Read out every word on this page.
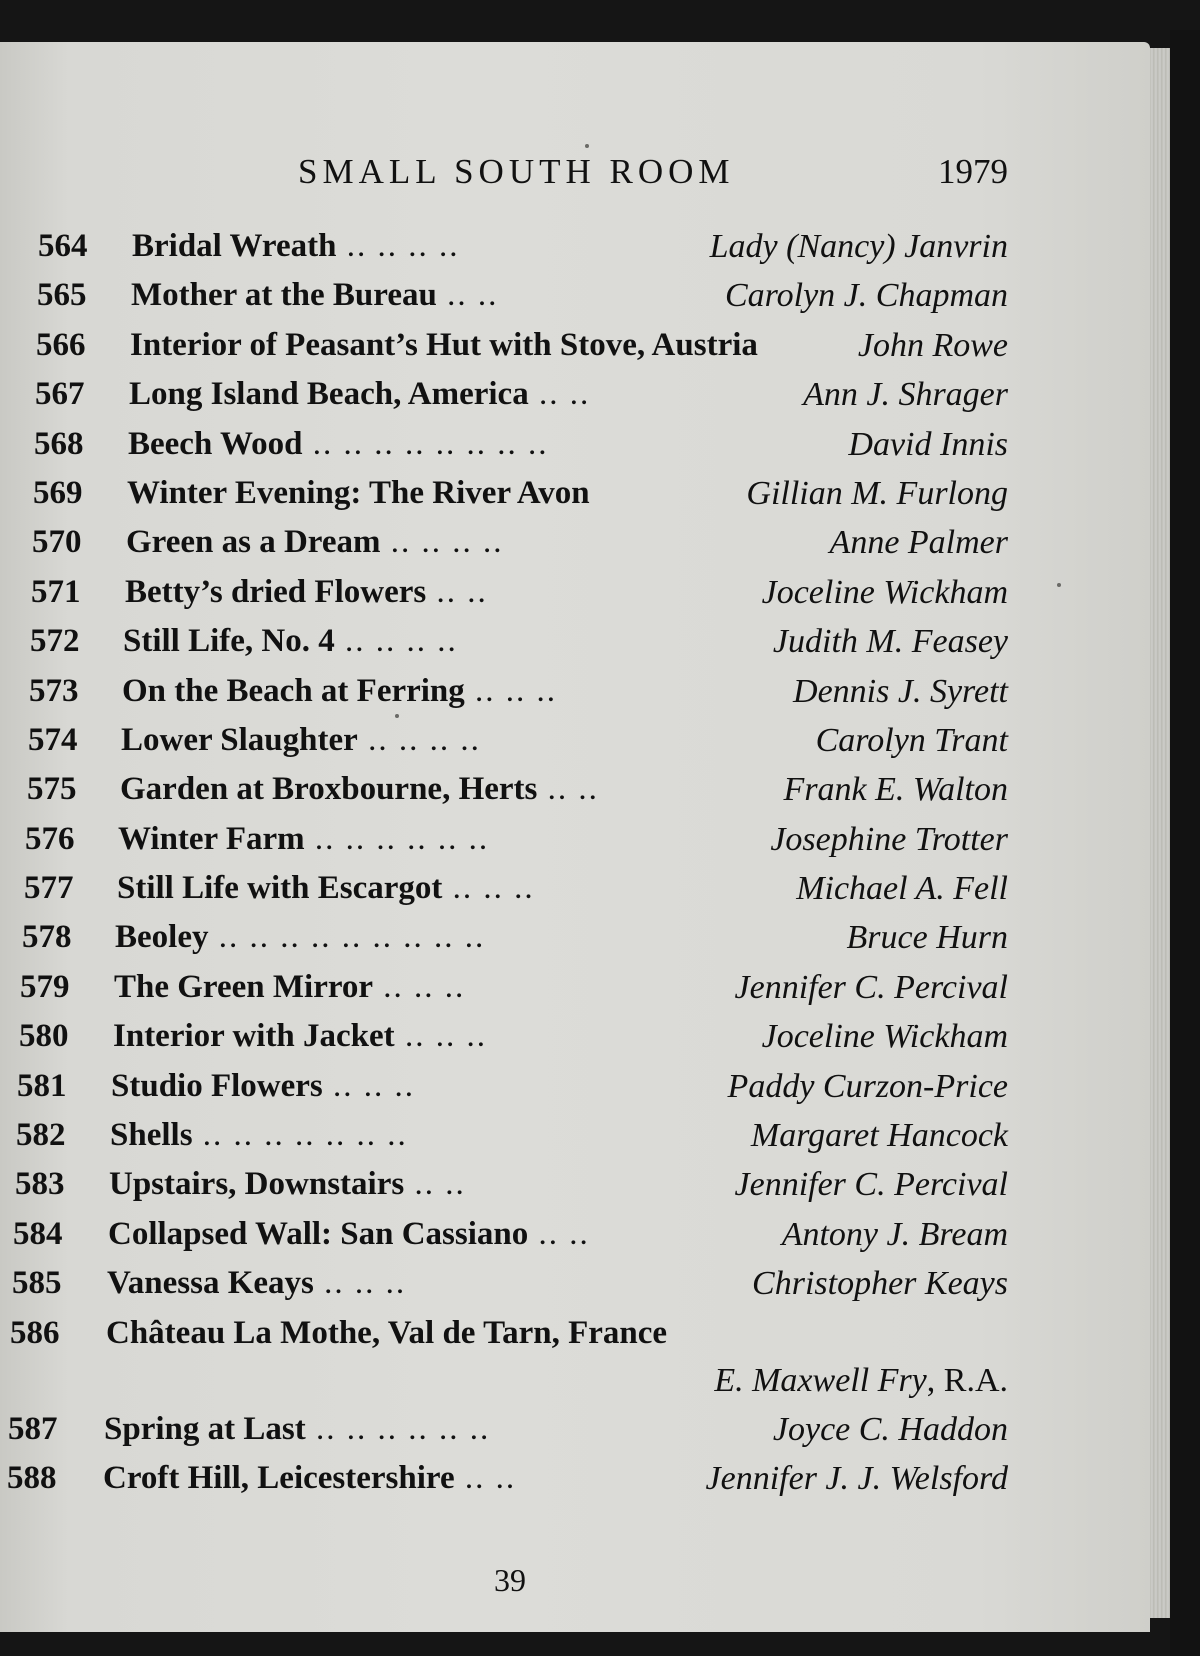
SMALL SOUTH ROOM	1979
564 Bridal Wreath .. .. .. ..	Lady (Nancy) Janvrin
565 Mother at the Bureau .. ..	Carolyn J. Chapman
566 Interior of Peasant’s Hut with Stove, Austria	John Rowe
567 Long Island Beach, America .. ..	Ann J. Shrager
568 Beech Wood .. .. .. .. .. .. .. ..	David Innis
569 Winter Evening: The River Avon	Gillian M. Furlong
570 Green as a Dream .. .. .. ..	Anne Palmer
571 Betty’s dried Flowers .. ..	Joceline Wickham
572 Still Life, No. 4 .. .. .. ..	Judith M. Feasey
573 On the Beach at Ferring .. .. ..	Dennis J. Syrett
574 Lower Slaughter .. .. .. ..	Carolyn Trant
575 Garden at Broxbourne, Herts .. ..	Frank E. Walton
576 Winter Farm .. .. .. .. .. ..	Josephine Trotter
577 Still Life with Escargot .. .. ..	Michael A. Fell
578 Beoley .. .. .. .. .. .. .. .. ..	Bruce Hurn
579 The Green Mirror .. .. ..	Jennifer C. Percival
580 Interior with Jacket .. .. ..	Joceline Wickham
581 Studio Flowers .. .. ..	Paddy Curzon-Price
582 Shells .. .. .. .. .. .. ..	Margaret Hancock
583 Upstairs, Downstairs .. ..	Jennifer C. Percival
584 Collapsed Wall: San Cassiano .. ..	Antony J. Bream
585 Vanessa Keays .. .. ..	Christopher Keays
586 Château La Mothe, Val de Tarn, France
E. Maxwell Fry, R.A.
587 Spring at Last .. .. .. .. .. ..	Joyce C. Haddon
588 Croft Hill, Leicestershire .. ..	Jennifer J. J. Welsford
39
